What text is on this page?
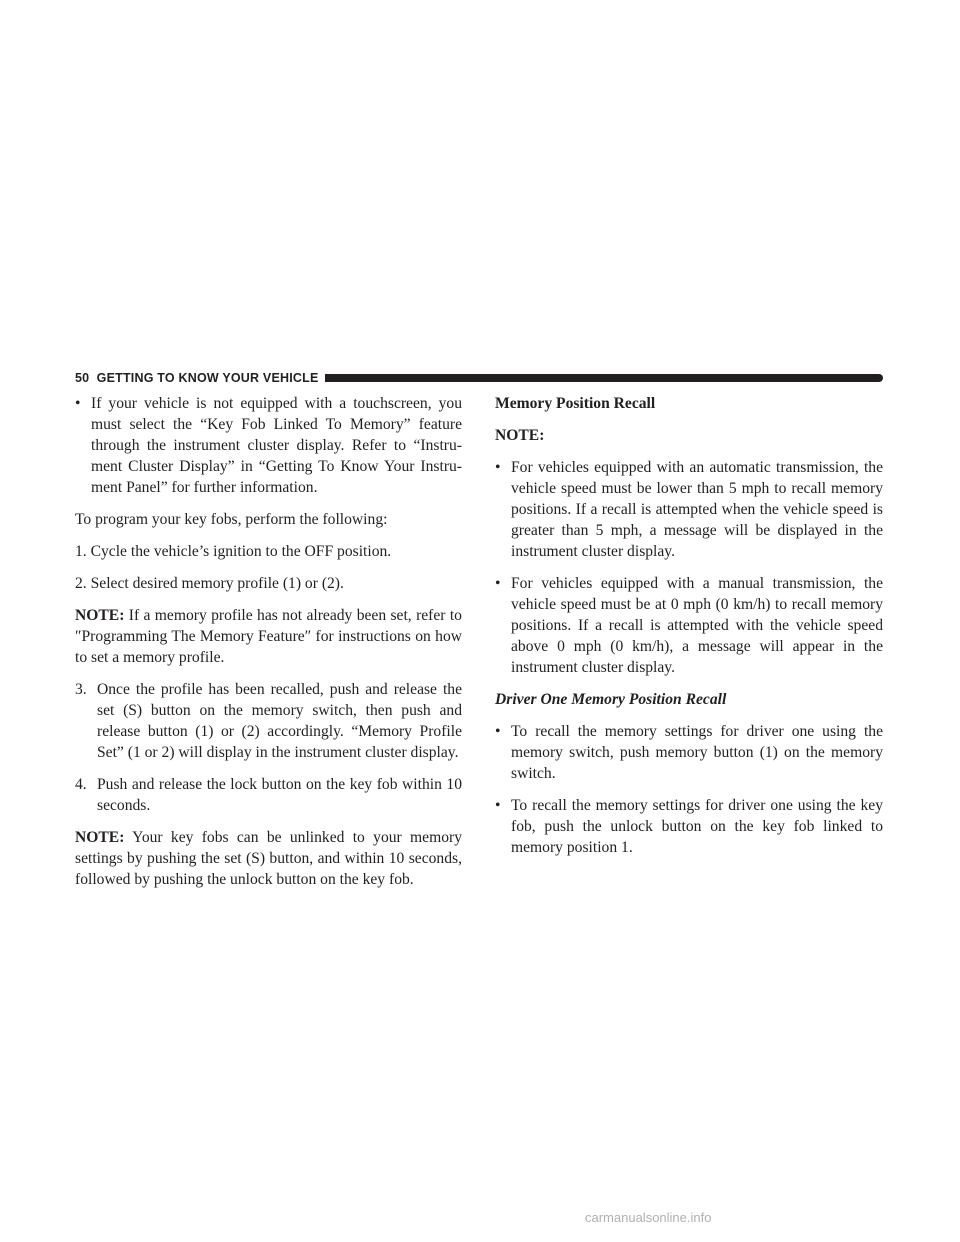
50 GETTING TO KNOW YOUR VEHICLE
• If your vehicle is not equipped with a touchscreen, you must select the “Key Fob Linked To Memory” feature through the instrument cluster display. Refer to “Instru-ment Cluster Display” in “Getting To Know Your Instru-ment Panel” for further information.

To program your key fobs, perform the following:

1. Cycle the vehicle’s ignition to the OFF position.

2. Select desired memory profile (1) or (2).

NOTE: If a memory profile has not already been set, refer to ″Programming The Memory Feature″ for instructions on how to set a memory profile.

3. Once the profile has been recalled, push and release the set (S) button on the memory switch, then push and release button (1) or (2) accordingly. “Memory Profile Set” (1 or 2) will display in the instrument cluster display.
4. Push and release the lock button on the key fob within 10 seconds.

NOTE: Your key fobs can be unlinked to your memory settings by pushing the set (S) button, and within 10 seconds, followed by pushing the unlock button on the key fob.

Memory Position Recall

NOTE:

• For vehicles equipped with an automatic transmission, the vehicle speed must be lower than 5 mph to recall memory positions. If a recall is attempted when the vehicle speed is greater than 5 mph, a message will be displayed in the instrument cluster display.
• For vehicles equipped with a manual transmission, the vehicle speed must be at 0 mph (0 km/h) to recall memory positions. If a recall is attempted with the vehicle speed above 0 mph (0 km/h), a message will appear in the instrument cluster display.

Driver One Memory Position Recall

• To recall the memory settings for driver one using the memory switch, push memory button (1) on the memory switch.
• To recall the memory settings for driver one using the key fob, push the unlock button on the key fob linked to memory position 1.
carmanualsonline.info
